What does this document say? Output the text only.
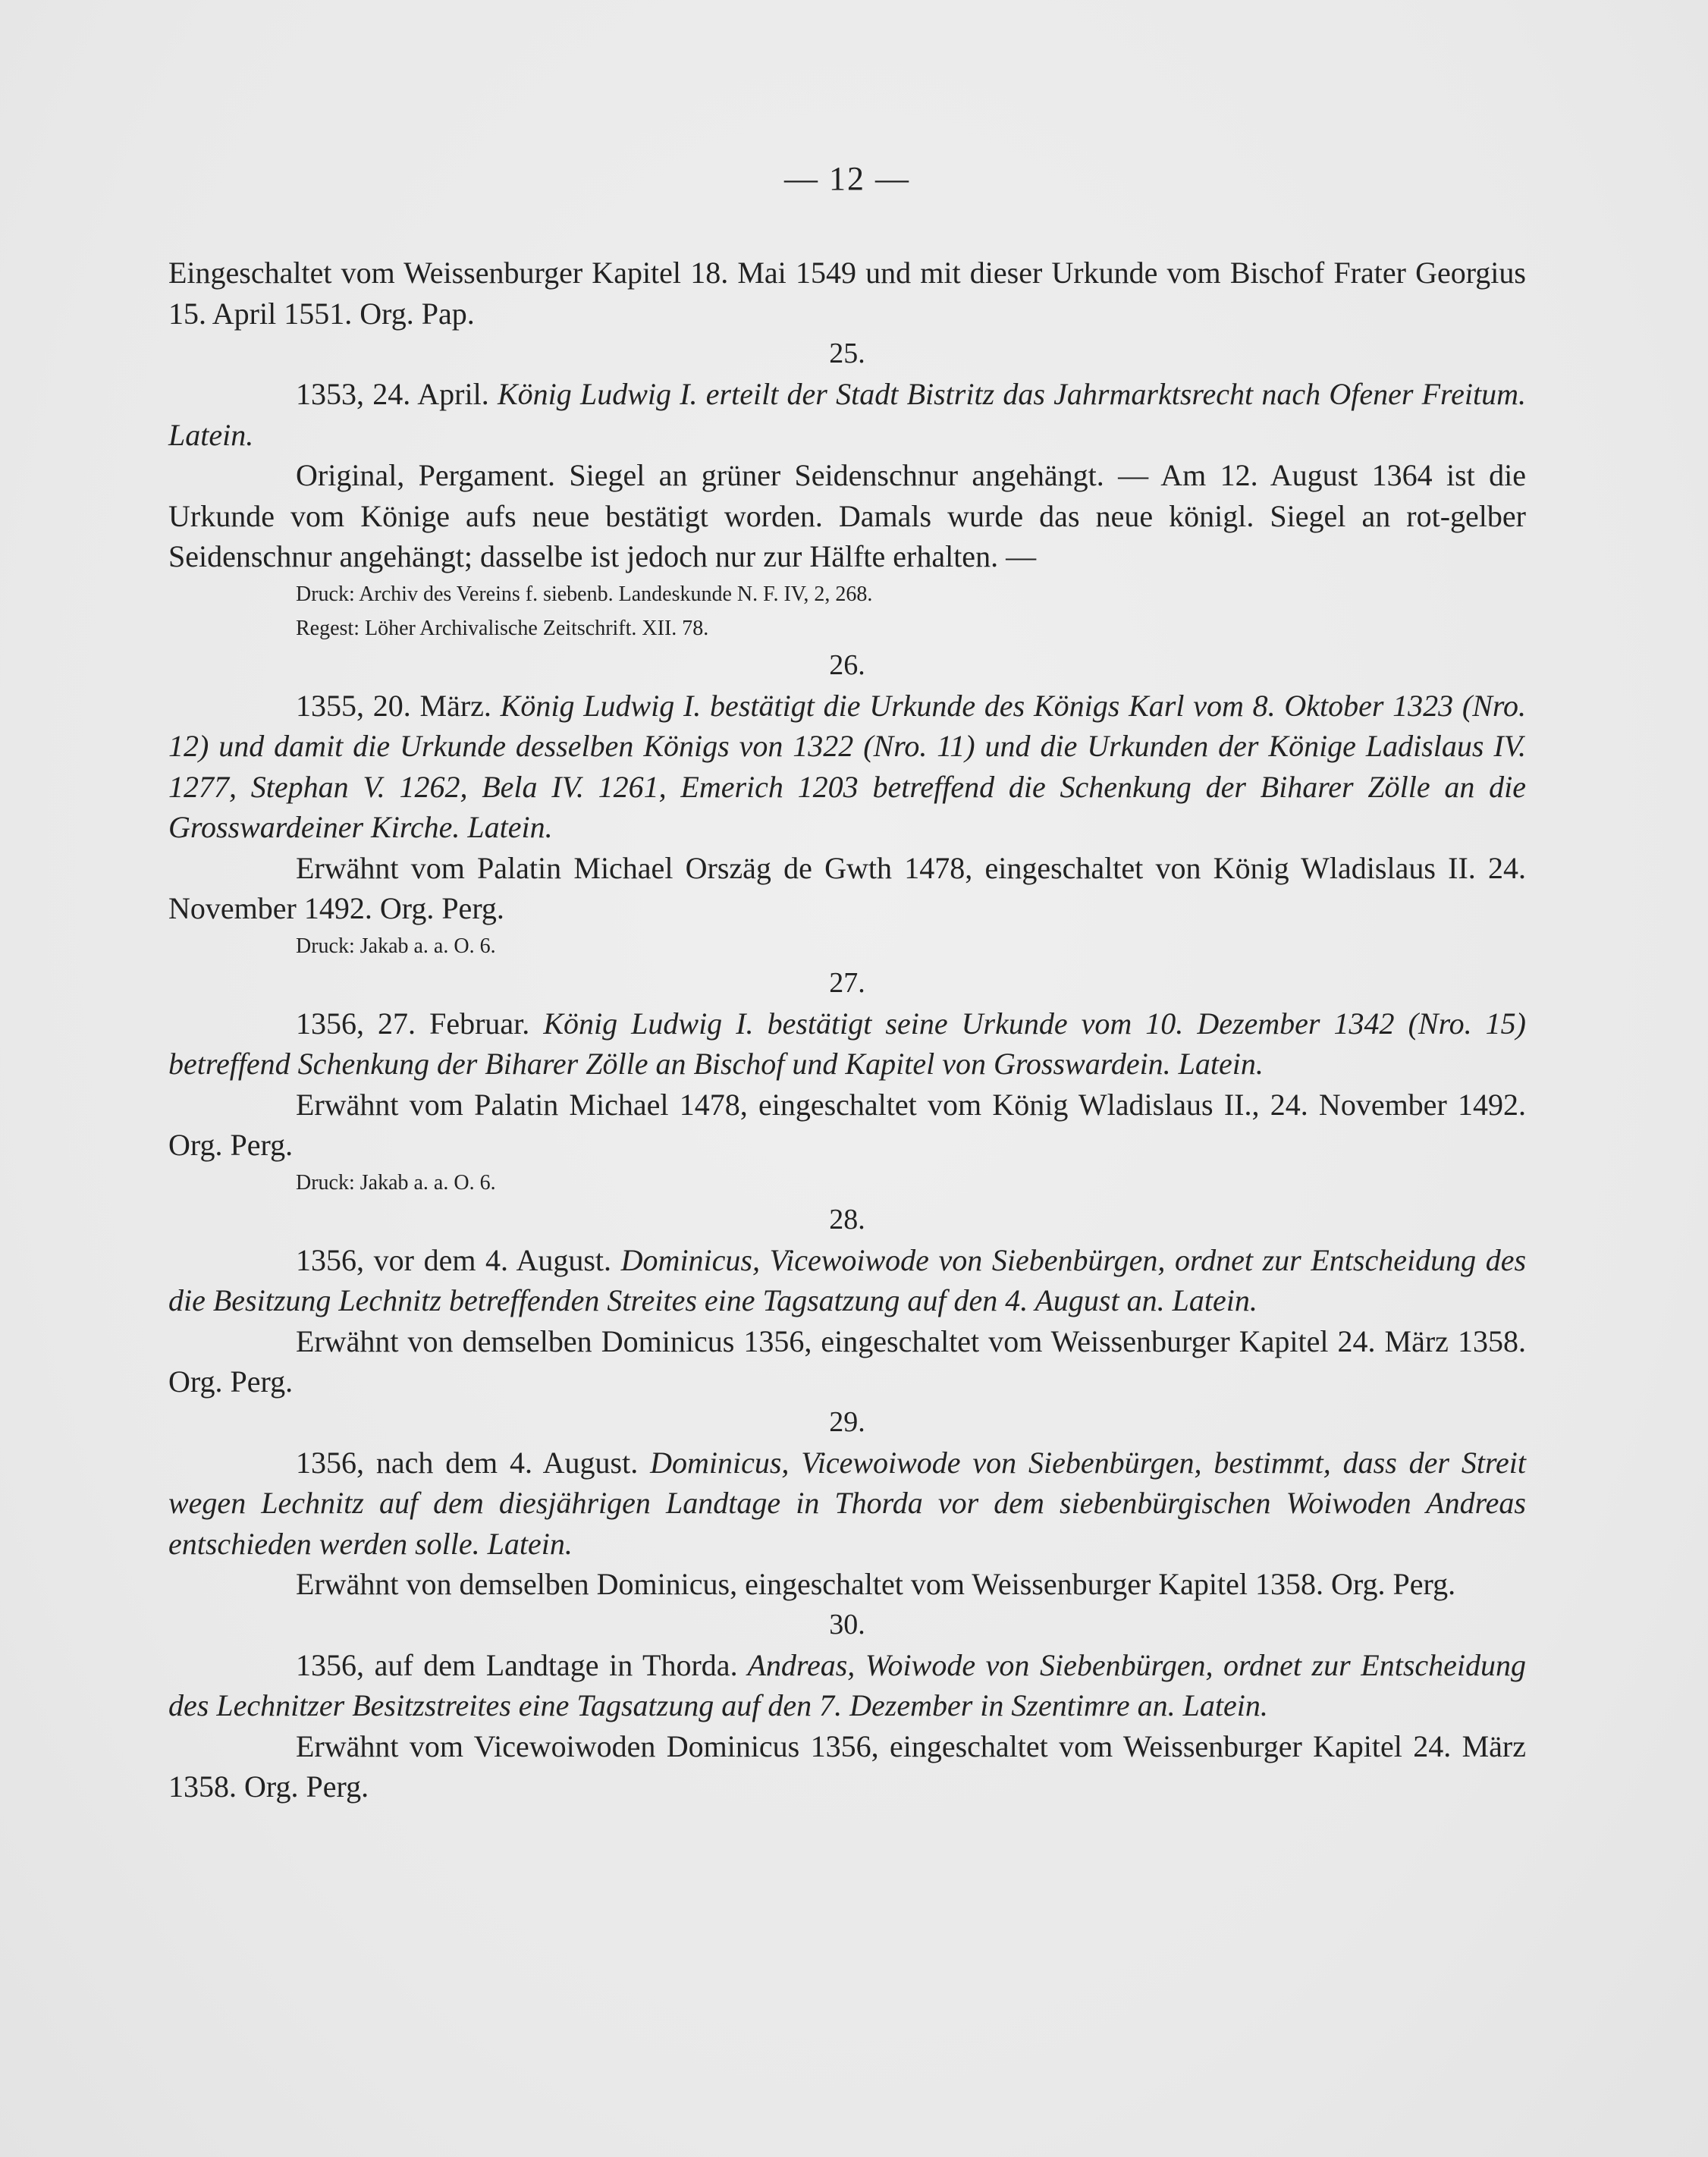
— 12 —

Eingeschaltet vom Weissenburger Kapitel 18. Mai 1549 und mit dieser Urkunde vom Bischof Frater Georgius 15. April 1551. Org. Pap.

25.

1353, 24. April. König Ludwig I. erteilt der Stadt Bistritz das Jahrmarktsrecht nach Ofener Freitum. Latein.

Original, Pergament. Siegel an grüner Seidenschnur angehängt. — Am 12. August 1364 ist die Urkunde vom Könige aufs neue bestätigt worden. Damals wurde das neue königl. Siegel an rot-gelber Seidenschnur angehängt; dasselbe ist jedoch nur zur Hälfte erhalten. —

Druck: Archiv des Vereins f. siebenb. Landeskunde N. F. IV, 2, 268.

Regest: Löher Archivalische Zeitschrift. XII. 78.

26.

1355, 20. März. König Ludwig I. bestätigt die Urkunde des Königs Karl vom 8. Oktober 1323 (Nro. 12) und damit die Urkunde desselben Königs von 1322 (Nro. 11) und die Urkunden der Könige Ladislaus IV. 1277, Stephan V. 1262, Bela IV. 1261, Emerich 1203 betreffend die Schenkung der Biharer Zölle an die Grosswardeiner Kirche. Latein.

Erwähnt vom Palatin Michael Orszäg de Gwth 1478, eingeschaltet von König Wladislaus II. 24. November 1492. Org. Perg.

Druck: Jakab a. a. O. 6.

27.

1356, 27. Februar. König Ludwig I. bestätigt seine Urkunde vom 10. Dezember 1342 (Nro. 15) betreffend Schenkung der Biharer Zölle an Bischof und Kapitel von Grosswardein. Latein.

Erwähnt vom Palatin Michael 1478, eingeschaltet vom König Wladislaus II., 24. November 1492. Org. Perg.

Druck: Jakab a. a. O. 6.

28.

1356, vor dem 4. August. Dominicus, Vicewoiwode von Siebenbürgen, ordnet zur Entscheidung des die Besitzung Lechnitz betreffenden Streites eine Tagsatzung auf den 4. August an. Latein.

Erwähnt von demselben Dominicus 1356, eingeschaltet vom Weissenburger Kapitel 24. März 1358. Org. Perg.

29.

1356, nach dem 4. August. Dominicus, Vicewoiwode von Siebenbürgen, bestimmt, dass der Streit wegen Lechnitz auf dem diesjährigen Landtage in Thorda vor dem siebenbürgischen Woiwoden Andreas entschieden werden solle. Latein.

Erwähnt von demselben Dominicus, eingeschaltet vom Weissenburger Kapitel 1358. Org. Perg.

30.

1356, auf dem Landtage in Thorda. Andreas, Woiwode von Siebenbürgen, ordnet zur Entscheidung des Lechnitzer Besitzstreites eine Tagsatzung auf den 7. Dezember in Szentimre an. Latein.

Erwähnt vom Vicewoiwoden Dominicus 1356, eingeschaltet vom Weissenburger Kapitel 24. März 1358. Org. Perg.
